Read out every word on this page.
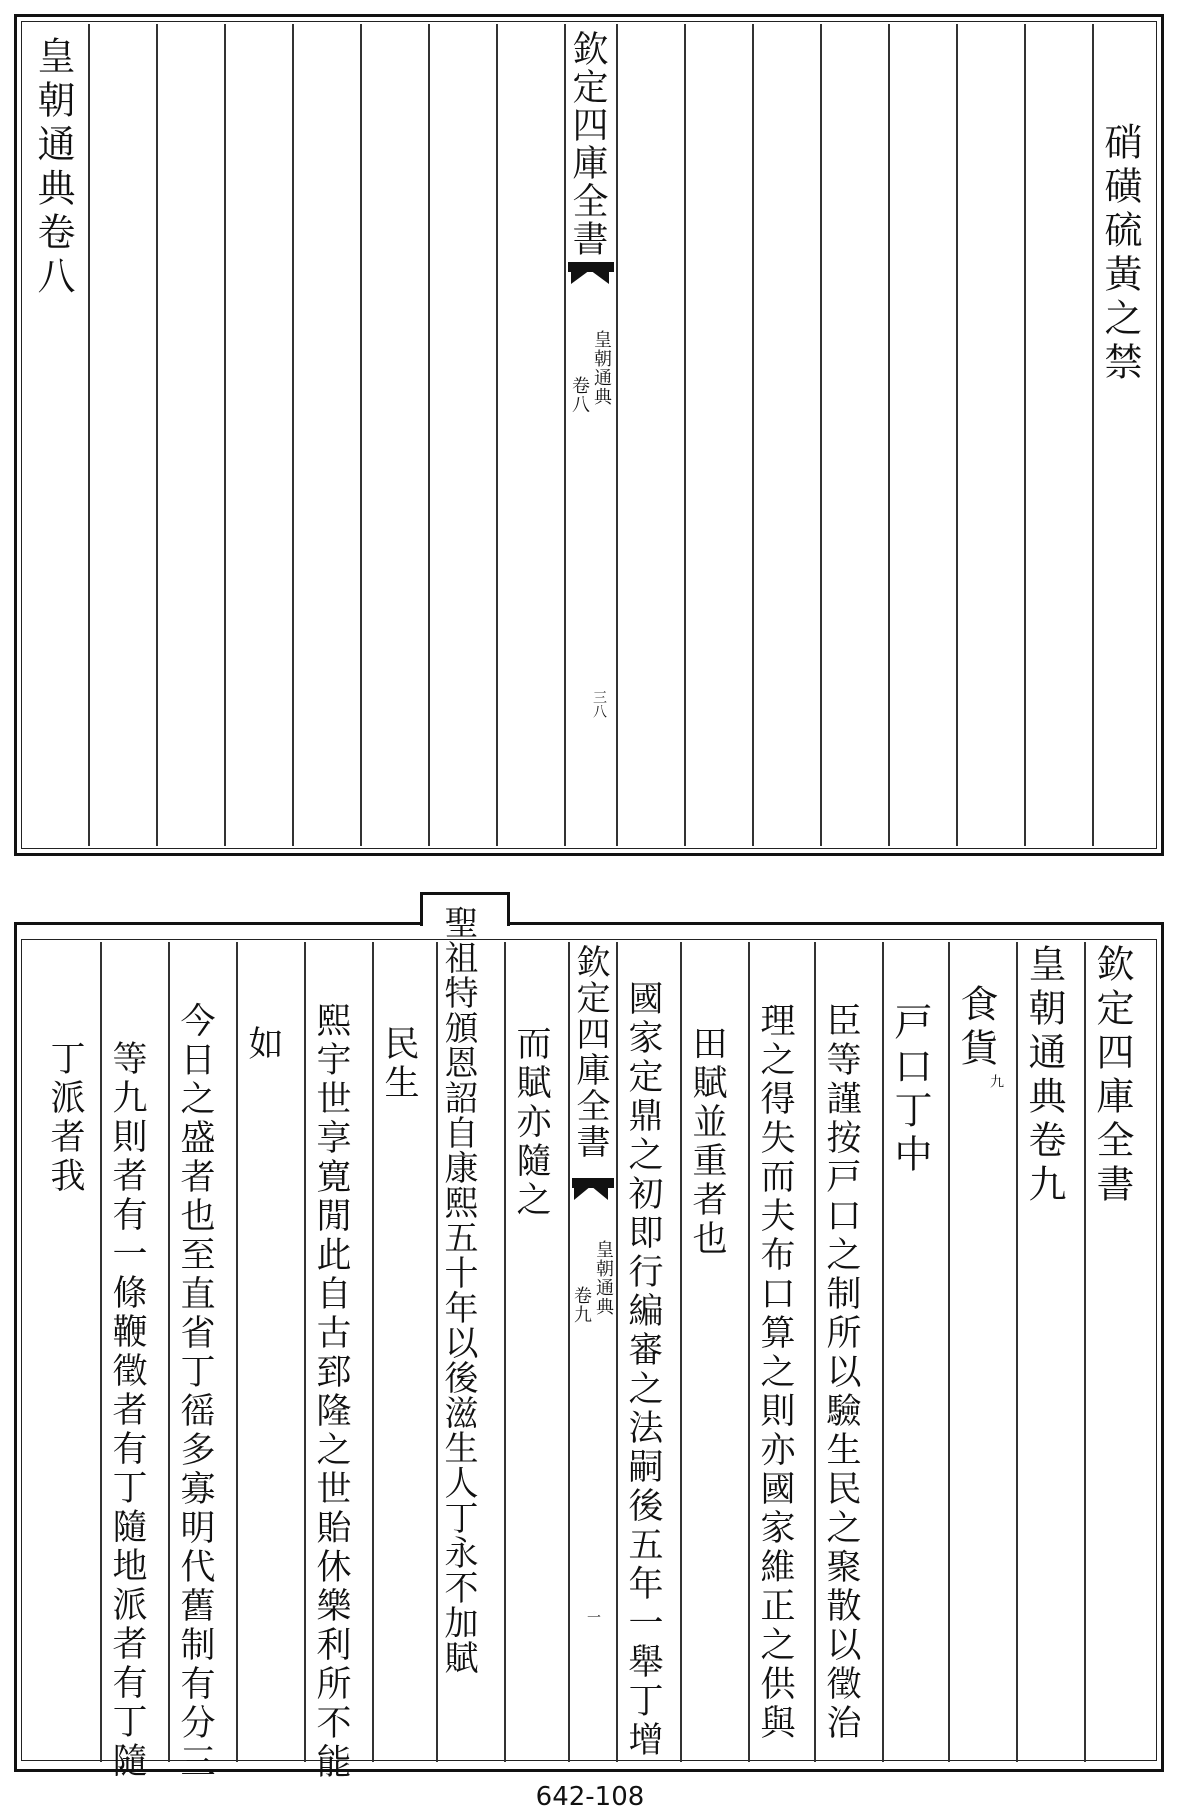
皇朝通典卷八	欽定四庫全書
皇朝通典
卷八
三八
硝磺硫黃之禁
欽定四庫全書
皇朝通典卷九
食貨
九
戸口丁中
臣等謹按戸口之制所以驗生民之聚散以徵治
理之得失而夫布口算之則亦國家維正之供與
田賦並重者也
國家定鼎之初即行編審之法嗣後五年一舉丁增
欽定四庫全書
皇朝通典
卷九
一
而賦亦隨之
聖祖特頒恩詔自康熙五十年以後滋生人丁永不加賦
民生
熙宇世享寛閒此自古郅隆之世貽休樂利所不能
如
今日之盛者也至直省丁徭多寡明代舊制有分三
等九則者有一條鞭徵者有丁隨地派者有丁隨
丁派者我
642-108
